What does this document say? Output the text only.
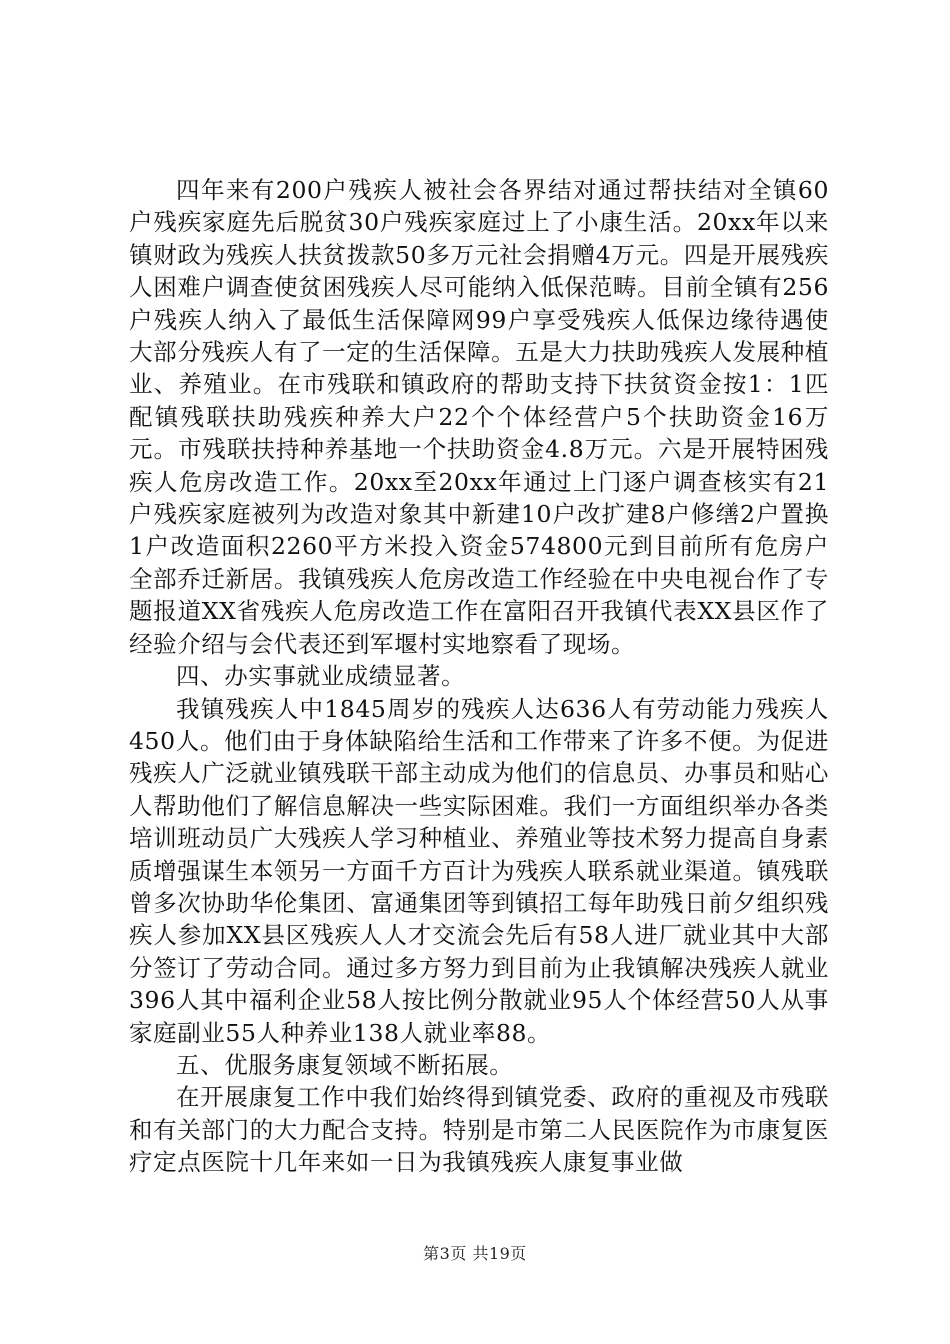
四年来有200户残疾人被社会各界结对通过帮扶结对全镇60户残疾家庭先后脱贫30户残疾家庭过上了小康生活。20xx年以来镇财政为残疾人扶贫拨款50多万元社会捐赠4万元。四是开展残疾人困难户调查使贫困残疾人尽可能纳入低保范畴。目前全镇有256户残疾人纳入了最低生活保障网99户享受残疾人低保边缘待遇使大部分残疾人有了一定的生活保障。五是大力扶助残疾人发展种植业、养殖业。在市残联和镇政府的帮助支持下扶贫资金按1：1匹配镇残联扶助残疾种养大户22个个体经营户5个扶助资金16万元。市残联扶持种养基地一个扶助资金4.8万元。六是开展特困残疾人危房改造工作。20xx至20xx年通过上门逐户调查核实有21户残疾家庭被列为改造对象其中新建10户改扩建8户修缮2户置换1户改造面积2260平方米投入资金574800元到目前所有危房户全部乔迁新居。我镇残疾人危房改造工作经验在中央电视台作了专题报道XX省残疾人危房改造工作在富阳召开我镇代表XX县区作了经验介绍与会代表还到军堰村实地察看了现场。

四、办实事就业成绩显著。

我镇残疾人中1845周岁的残疾人达636人有劳动能力残疾人450人。他们由于身体缺陷给生活和工作带来了许多不便。为促进残疾人广泛就业镇残联干部主动成为他们的信息员、办事员和贴心人帮助他们了解信息解决一些实际困难。我们一方面组织举办各类培训班动员广大残疾人学习种植业、养殖业等技术努力提高自身素质增强谋生本领另一方面千方百计为残疾人联系就业渠道。镇残联曾多次协助华伦集团、富通集团等到镇招工每年助残日前夕组织残疾人参加XX县区残疾人人才交流会先后有58人进厂就业其中大部分签订了劳动合同。通过多方努力到目前为止我镇解决残疾人就业396人其中福利企业58人按比例分散就业95人个体经营50人从事家庭副业55人种养业138人就业率88。

五、优服务康复领域不断拓展。

在开展康复工作中我们始终得到镇党委、政府的重视及市残联和有关部门的大力配合支持。特别是市第二人民医院作为市康复医疗定点医院十几年来如一日为我镇残疾人康复事业做

第3页 共19页
